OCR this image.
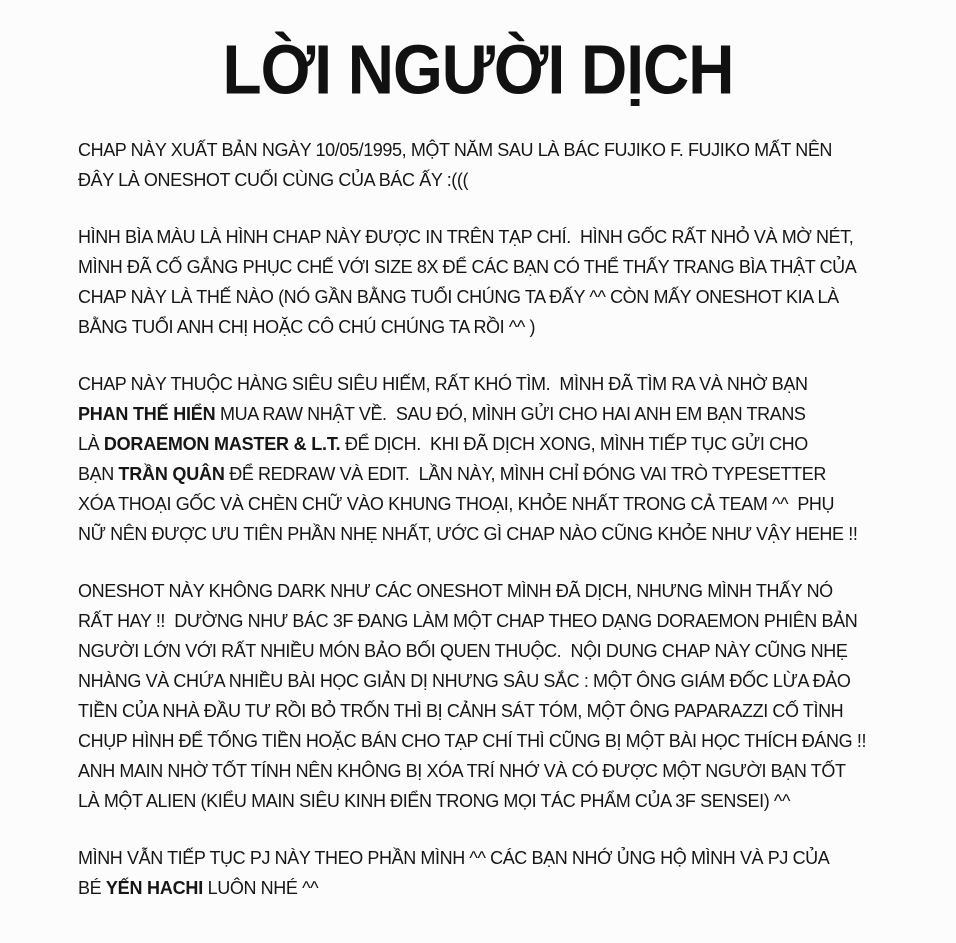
LỜI NGƯỜI DỊCH
CHAP NÀY XUẤT BẢN NGÀY 10/05/1995, MỘT NĂM SAU LÀ BÁC FUJIKO F. FUJIKO MẤT NÊN
ĐÂY LÀ ONESHOT CUỐI CÙNG CỦA BÁC ẤY :(((
HÌNH BÌA MÀU LÀ HÌNH CHAP NÀY ĐƯỢC IN TRÊN TẠP CHÍ.  HÌNH GỐC RẤT NHỎ VÀ MỜ NÉT,
MÌNH ĐÃ CỐ GẮNG PHỤC CHẾ VỚI SIZE 8X ĐỂ CÁC BẠN CÓ THỂ THẤY TRANG BÌA THẬT CỦA
CHAP NÀY LÀ THẾ NÀO (NÓ GẦN BẰNG TUỔI CHÚNG TA ĐẤY ^^ CÒN MẤY ONESHOT KIA LÀ
BẰNG TUỔI ANH CHỊ HOẶC CÔ CHÚ CHÚNG TA RỒI ^^ )
CHAP NÀY THUỘC HÀNG SIÊU SIÊU HIẾM, RẤT KHÓ TÌM.  MÌNH ĐÃ TÌM RA VÀ NHỜ BẠN
PHAN THẾ HIỂN MUA RAW NHẬT VỀ.  SAU ĐÓ, MÌNH GỬI CHO HAI ANH EM BẠN TRANS
LÀ DORAEMON MASTER & L.T. ĐỂ DỊCH.  KHI ĐÃ DỊCH XONG, MÌNH TIẾP TỤC GỬI CHO
BẠN TRẦN QUÂN ĐỂ REDRAW VÀ EDIT.  LẦN NÀY, MÌNH CHỈ ĐÓNG VAI TRÒ TYPESETTER
XÓA THOẠI GỐC VÀ CHÈN CHỮ VÀO KHUNG THOẠI, KHỎE NHẤT TRONG CẢ TEAM ^^  PHỤ
NỮ NÊN ĐƯỢC ƯU TIÊN PHẦN NHẸ NHẤT, ƯỚC GÌ CHAP NÀO CŨNG KHỎE NHƯ VẬY HEHE !!
ONESHOT NÀY KHÔNG DARK NHƯ CÁC ONESHOT MÌNH ĐÃ DỊCH, NHƯNG MÌNH THẤY NÓ
RẤT HAY !!  DƯỜNG NHƯ BÁC 3F ĐANG LÀM MỘT CHAP THEO DẠNG DORAEMON PHIÊN BẢN
NGƯỜI LỚN VỚI RẤT NHIỀU MÓN BẢO BỐI QUEN THUỘC.  NỘI DUNG CHAP NÀY CŨNG NHẸ
NHÀNG VÀ CHỨA NHIỀU BÀI HỌC GIẢN DỊ NHƯNG SÂU SẮC : MỘT ÔNG GIÁM ĐỐC LỪA ĐẢO
TIỀN CỦA NHÀ ĐẦU TƯ RỒI BỎ TRỐN THÌ BỊ CẢNH SÁT TÓM, MỘT ÔNG PAPARAZZI CỐ TÌNH
CHỤP HÌNH ĐỂ TỐNG TIỀN HOẶC BÁN CHO TẠP CHÍ THÌ CŨNG BỊ MỘT BÀI HỌC THÍCH ĐÁNG !!
ANH MAIN NHỜ TỐT TÍNH NÊN KHÔNG BỊ XÓA TRÍ NHỚ VÀ CÓ ĐƯỢC MỘT NGƯỜI BẠN TỐT
LÀ MỘT ALIEN (KIỂU MAIN SIÊU KINH ĐIỂN TRONG MỌI TÁC PHẨM CỦA 3F SENSEI) ^^
MÌNH VẪN TIẾP TỤC PJ NÀY THEO PHẦN MÌNH ^^ CÁC BẠN NHỚ ỦNG HỘ MÌNH VÀ PJ CỦA
BÉ YẾN HACHI LUÔN NHÉ ^^
